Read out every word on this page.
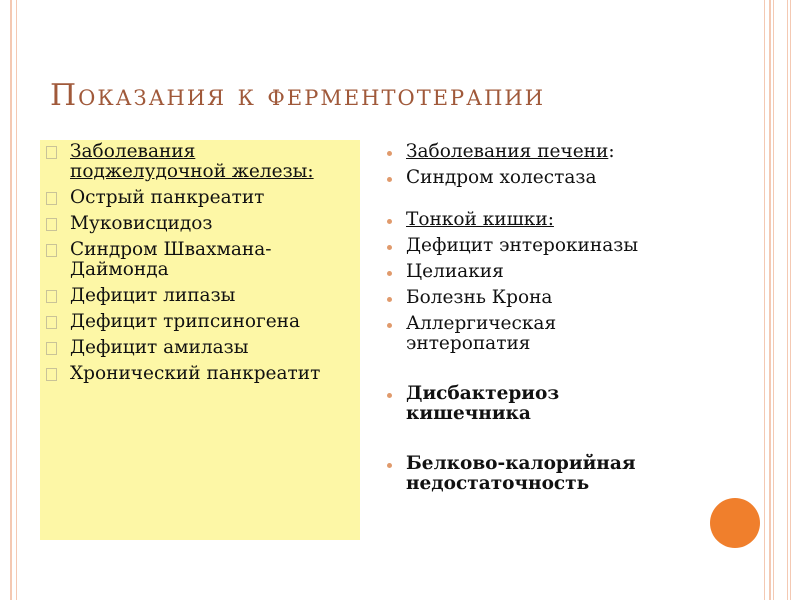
Показания к ферментотерапии
Заболевания поджелудочной железы:
Острый панкреатит
Муковисцидоз
Синдром Швахмана-Даймонда
Дефицит липазы
Дефицит трипсиногена
Дефицит амилазы
Хронический панкреатит
Заболевания печени:
Синдром холестаза
Тонкой кишки:
Дефицит энтерокиназы
Целиакия
Болезнь Крона
Аллергическая энтеропатия
Дисбактериоз кишечника
Белково-калорийная недостаточность
